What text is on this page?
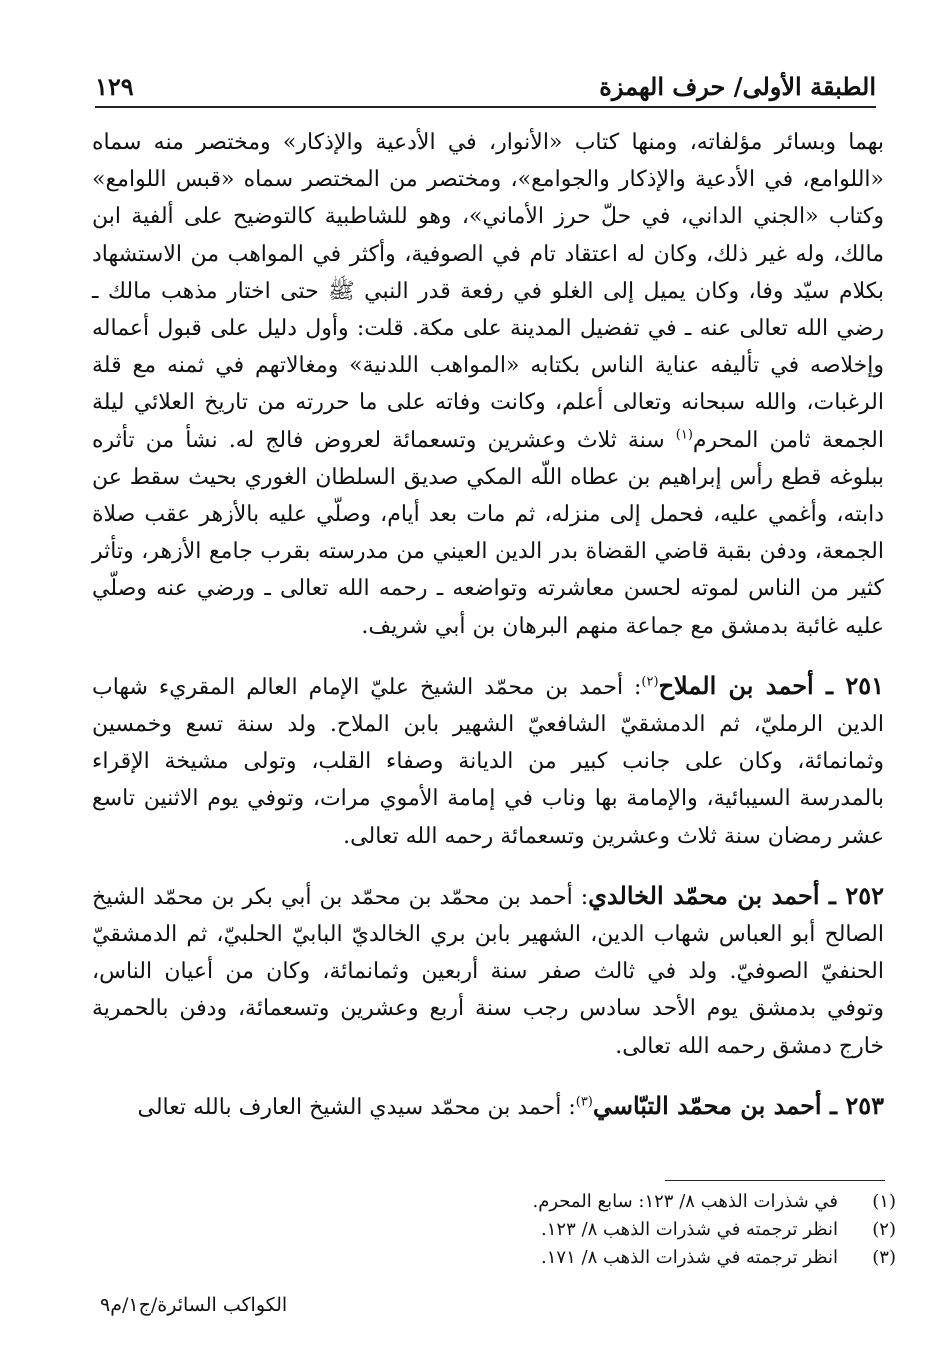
الطبقة الأولى/ حرف الهمزة
١٢٩

بهما وبسائر مؤلفاته، ومنها كتاب «الأنوار، في الأدعية والإذكار» ومختصر منه سماه «اللوامع، في الأدعية والإذكار والجوامع»، ومختصر من المختصر سماه «قبس اللوامع» وكتاب «الجني الداني، في حلّ حرز الأماني»، وهو للشاطبية كالتوضيح على ألفية ابن مالك، وله غير ذلك، وكان له اعتقاد تام في الصوفية، وأكثر في المواهب من الاستشهاد بكلام سيّد وفا، وكان يميل إلى الغلو في رفعة قدر النبي ﷺ حتى اختار مذهب مالك ـ رضي الله تعالى عنه ـ في تفضيل المدينة على مكة. قلت: وأول دليل على قبول أعماله وإخلاصه في تأليفه عناية الناس بكتابه «المواهب اللدنية» ومغالاتهم في ثمنه مع قلة الرغبات، والله سبحانه وتعالى أعلم، وكانت وفاته على ما حررته من تاريخ العلائي ليلة الجمعة ثامن المحرم$^{(١)}$ سنة ثلاث وعشرين وتسعمائة لعروض فالج له. نشأ من تأثره ببلوغه قطع رأس إبراهيم بن عطاه اللّه المكي صديق السلطان الغوري بحيث سقط عن دابته، وأغمي عليه، فحمل إلى منزله، ثم مات بعد أيام، وصلّي عليه بالأزهر عقب صلاة الجمعة، ودفن بقبة قاضي القضاة بدر الدين العيني من مدرسته بقرب جامع الأزهر، وتأثر كثير من الناس لموته لحسن معاشرته وتواضعه ـ رحمه الله تعالى ـ ورضي عنه وصلّي عليه غائبة بدمشق مع جماعة منهم البرهان بن أبي شريف.

٢٥١ ـ أحمد بن الملاح$^{(٢)}$: أحمد بن محمّد الشيخ عليّ الإمام العالم المقريء شهاب الدين الرمليّ، ثم الدمشقيّ الشافعيّ الشهير بابن الملاح. ولد سنة تسع وخمسين وثمانمائة، وكان على جانب كبير من الديانة وصفاء القلب، وتولى مشيخة الإقراء بالمدرسة السيبائية، والإمامة بها وناب في إمامة الأموي مرات، وتوفي يوم الاثنين تاسع عشر رمضان سنة ثلاث وعشرين وتسعمائة رحمه الله تعالى.

٢٥٢ ـ أحمد بن محمّد الخالدي: أحمد بن محمّد بن محمّد بن أبي بكر بن محمّد الشيخ الصالح أبو العباس شهاب الدين، الشهير بابن بري الخالديّ البابيّ الحلبيّ، ثم الدمشقيّ الحنفيّ الصوفيّ. ولد في ثالث صفر سنة أربعين وثمانمائة، وكان من أعيان الناس، وتوفي بدمشق يوم الأحد سادس رجب سنة أربع وعشرين وتسعمائة، ودفن بالحمرية خارج دمشق رحمه الله تعالى.

٢٥٣ ـ أحمد بن محمّد التبّاسي$^{(٣)}$: أحمد بن محمّد سيدي الشيخ العارف بالله تعالى

(١)
في شذرات الذهب ٨/ ١٢٣: سابع المحرم.
(٢)
انظر ترجمته في شذرات الذهب ٨/ ١٢٣.
(٣)
انظر ترجمته في شذرات الذهب ٨/ ١٧١.
الكواكب السائرة/ج١/م٩
